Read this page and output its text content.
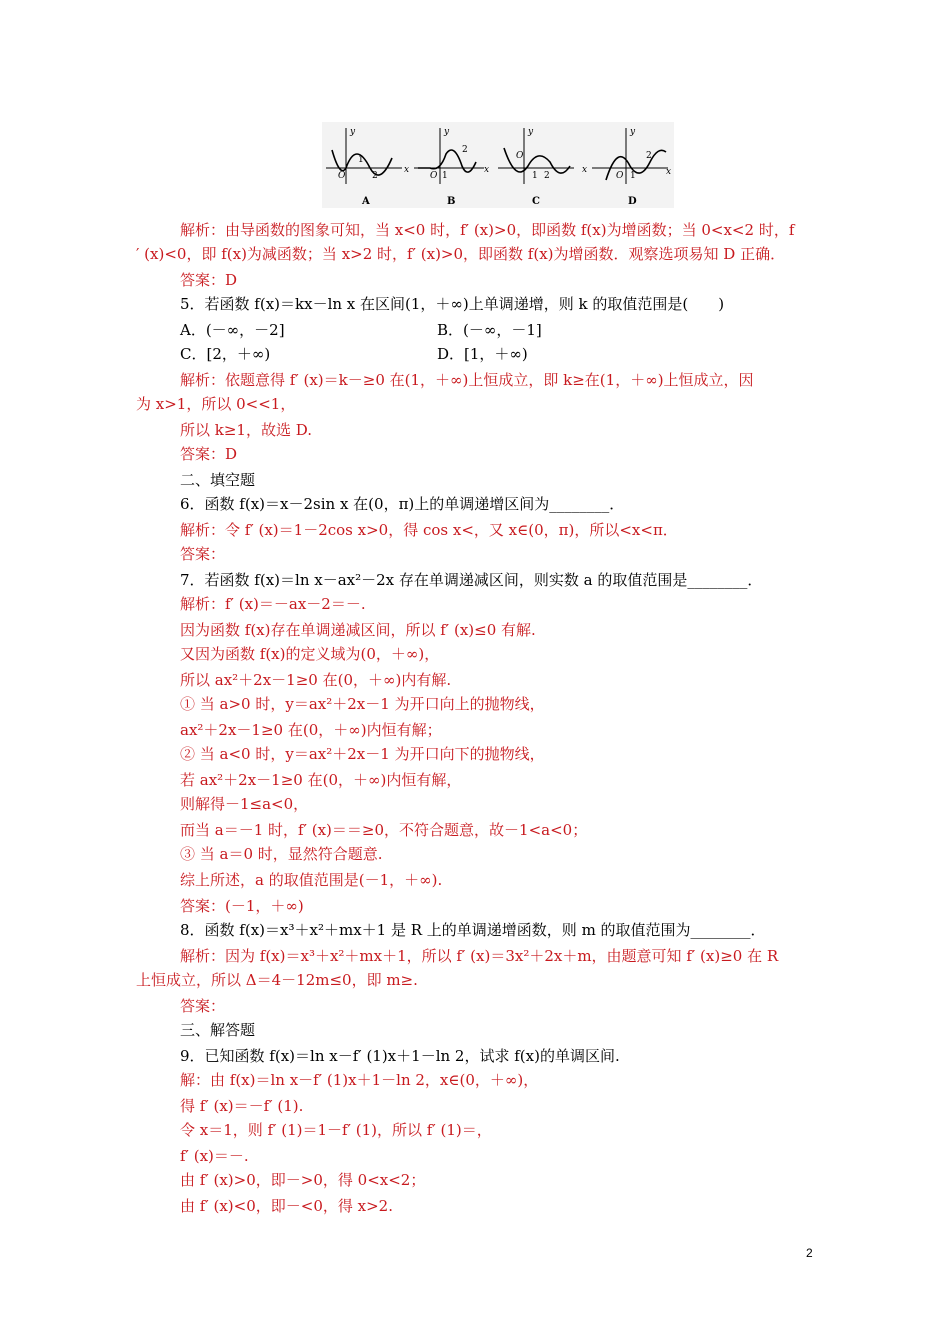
y
O
1
2
x
A
y
O 1
2
x
B
y
O
1 2
x
C
y
O 1
2
x
D
解析：由导函数的图象可知，当 x<0 时，f′ (x)>0，即函数 f(x)为增函数；当 0<x<2 时，f
′ (x)<0，即 f(x)为减函数；当 x>2 时，f′ (x)>0，即函数 f(x)为增函数．观察选项易知 D 正确．
答案：D
5．若函数 f(x)＝kx－ln x 在区间(1，＋∞)上单调递增，则 k 的取值范围是(　　)
A．(－∞，－2]	B．(－∞，－1]
C．[2，＋∞)	D．[1，＋∞)
解析：依题意得 f′ (x)＝k－≥0 在(1，＋∞)上恒成立，即 k≥在(1，＋∞)上恒成立，因
为 x>1，所以 0<<1，
所以 k≥1，故选 D.
答案：D
二、填空题
6．函数 f(x)＝x－2sin x 在(0，π)上的单调递增区间为________．
解析：令 f′ (x)＝1－2cos x>0，得 cos x<，又 x∈(0，π)，所以<x<π．
答案：
7．若函数 f(x)＝ln x－ax²－2x 存在单调递减区间，则实数 a 的取值范围是________．
解析：f′ (x)＝－ax－2＝－.
因为函数 f(x)存在单调递减区间，所以 f′ (x)≤0 有解.
又因为函数 f(x)的定义域为(0，＋∞)，
所以 ax²＋2x－1≥0 在(0，＋∞)内有解.
① 当 a>0 时，y＝ax²＋2x－1 为开口向上的抛物线，
ax²＋2x－1≥0 在(0，＋∞)内恒有解；
② 当 a<0 时，y＝ax²＋2x－1 为开口向下的抛物线，
若 ax²＋2x－1≥0 在(0，＋∞)内恒有解，
则解得－1≤a<0，
而当 a＝－1 时，f′ (x)＝＝≥0，不符合题意，故－1<a<0；
③ 当 a＝0 时，显然符合题意.
综上所述，a 的取值范围是(－1，＋∞).
答案：(－1，＋∞)
8．函数 f(x)＝x³＋x²＋mx＋1 是 R 上的单调递增函数，则 m 的取值范围为________．
解析：因为 f(x)＝x³＋x²＋mx＋1，所以 f′ (x)＝3x²＋2x＋m，由题意可知 f′ (x)≥0 在 R
上恒成立，所以 Δ＝4－12m≤0，即 m≥.
答案：
三、解答题
9．已知函数 f(x)＝ln x－f′ (1)x＋1－ln 2，试求 f(x)的单调区间.
解：由 f(x)＝ln x－f′ (1)x＋1－ln 2，x∈(0，＋∞)，
得 f′ (x)＝－f′ (1).
令 x＝1，则 f′ (1)＝1－f′ (1)，所以 f′ (1)＝，
f′ (x)＝－.
由 f′ (x)>0，即－>0，得 0<x<2；
由 f′ (x)<0，即－<0，得 x>2.
2
